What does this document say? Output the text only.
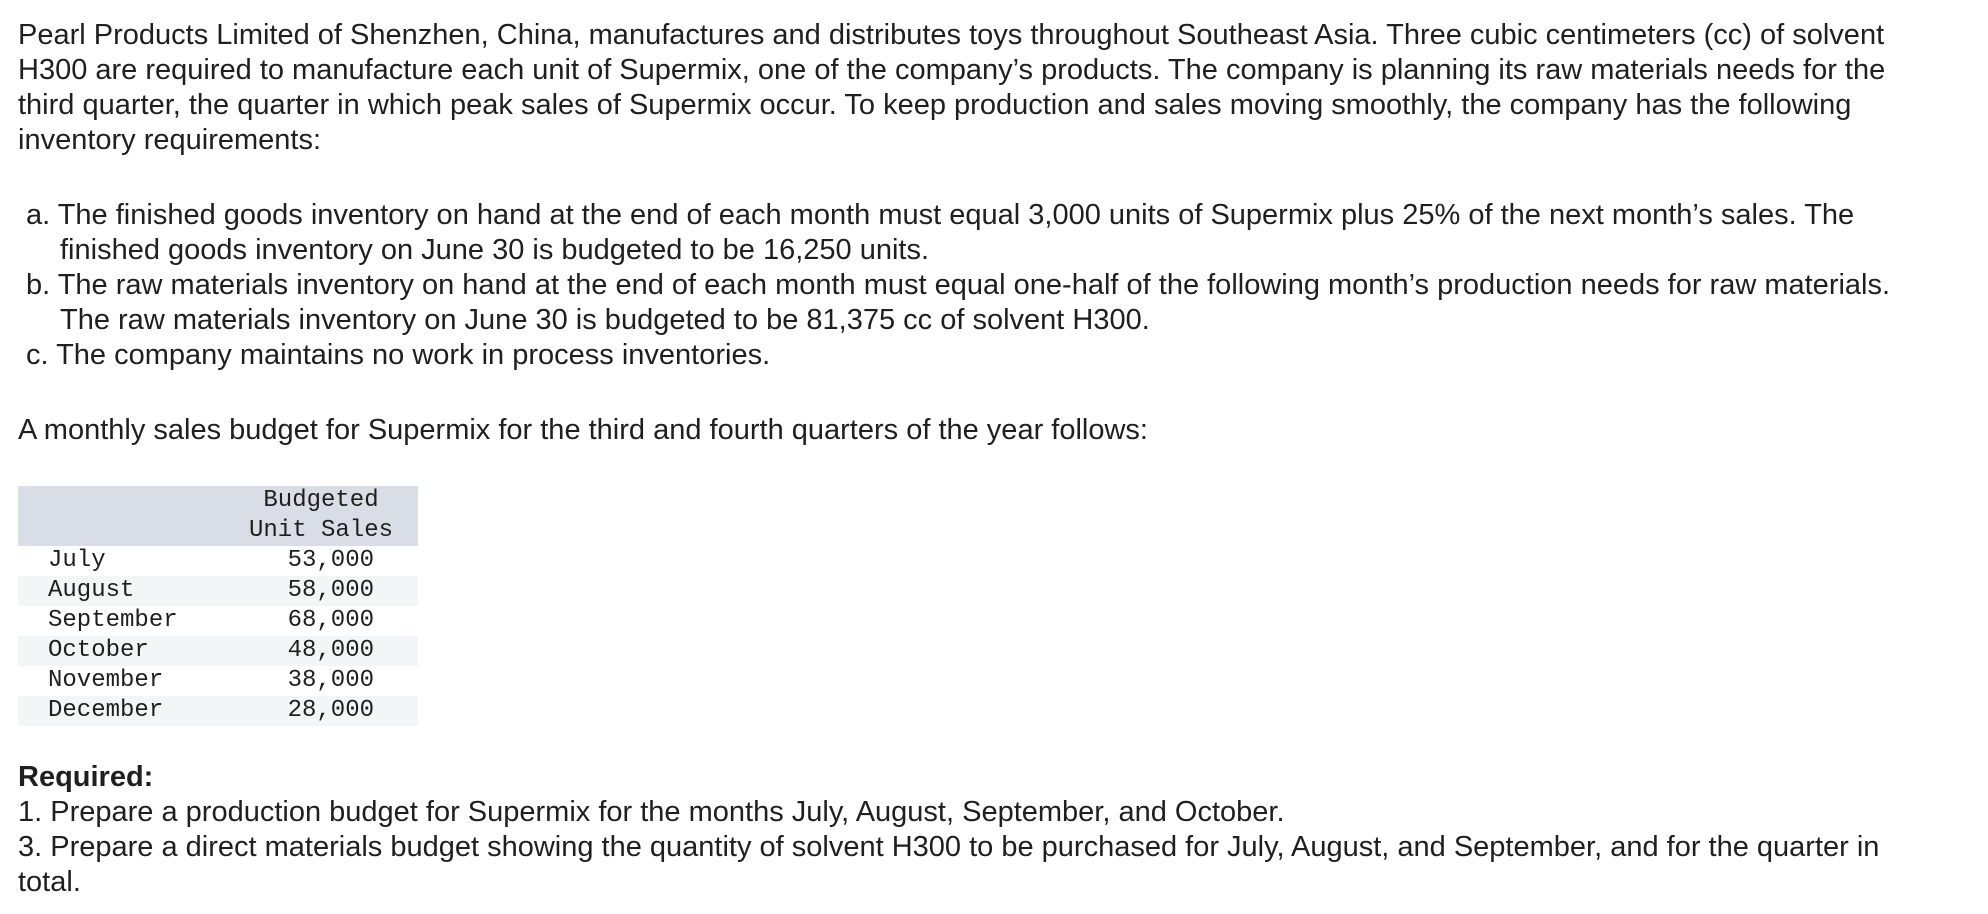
Pearl Products Limited of Shenzhen, China, manufactures and distributes toys throughout Southeast Asia. Three cubic centimeters (cc) of solvent H300 are required to manufacture each unit of Supermix, one of the company’s products. The company is planning its raw materials needs for the third quarter, the quarter in which peak sales of Supermix occur. To keep production and sales moving smoothly, the company has the following inventory requirements:

a. The finished goods inventory on hand at the end of each month must equal 3,000 units of Supermix plus 25% of the next month’s sales. The finished goods inventory on June 30 is budgeted to be 16,250 units.
b. The raw materials inventory on hand at the end of each month must equal one-half of the following month’s production needs for raw materials. The raw materials inventory on June 30 is budgeted to be 81,375 cc of solvent H300.
c. The company maintains no work in process inventories.

A monthly sales budget for Supermix for the third and fourth quarters of the year follows:

	Budgeted
Unit Sales

July	53,000
August	58,000
September	68,000
October	48,000
November	38,000
December	28,000

Required:

1. Prepare a production budget for Supermix for the months July, August, September, and October.

3. Prepare a direct materials budget showing the quantity of solvent H300 to be purchased for July, August, and September, and for the quarter in total.
